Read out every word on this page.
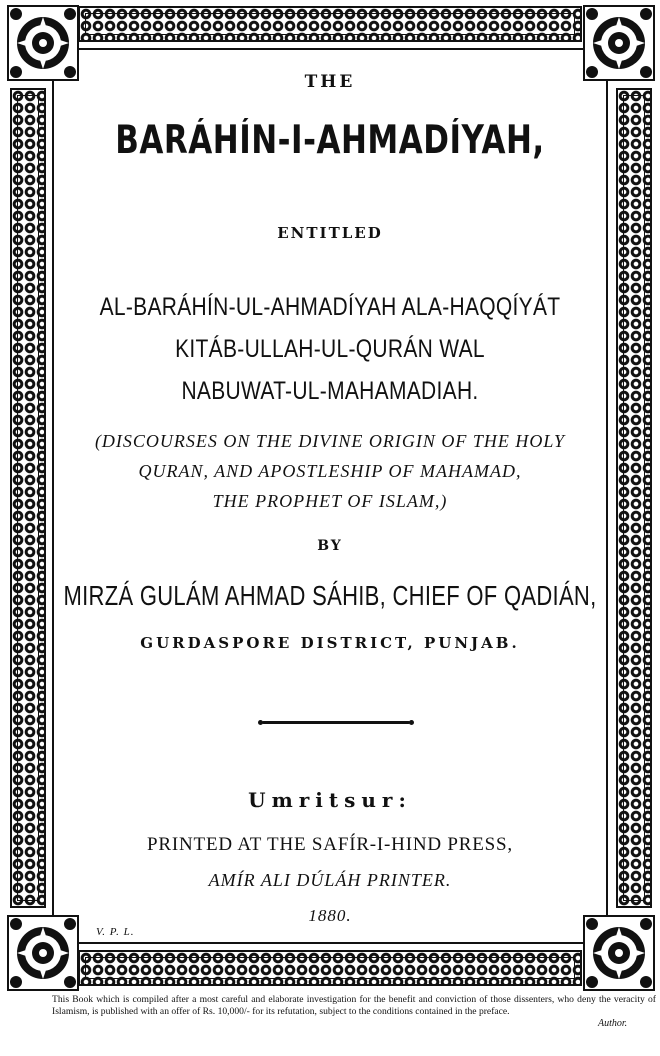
THE

BARÁHÍN-I-AHMADÍYAH,

ENTITLED

AL-BARÁHÍN-UL-AHMADÍYAH ALA-HAQQÍYÁT
KITÁB-ULLAH-UL-QURÁN WAL
NABUWAT-UL-MAHAMADIAH.
(DISCOURSES ON THE DIVINE ORIGIN OF THE HOLY
QURAN, AND APOSTLESHIP OF MAHAMAD,
THE PROPHET OF ISLAM,)

BY

MIRZÁ GULÁM AHMAD SÁHIB, CHIEF OF QADIÁN,

GURDASPORE DISTRICT, PUNJAB.

Umritsur:

PRINTED AT THE SAFÍR-I-HIND PRESS,

AMÍR ALI DÚLÁH PRINTER.

1880.

V. P. L.

This Book which is compiled after a most careful and elaborate investigation for the benefit and conviction of those dissenters, who deny the veracity of Islamism, is published with an offer of Rs. 10,000/- for its refutation, subject to the conditions contained in the preface.

Author.
